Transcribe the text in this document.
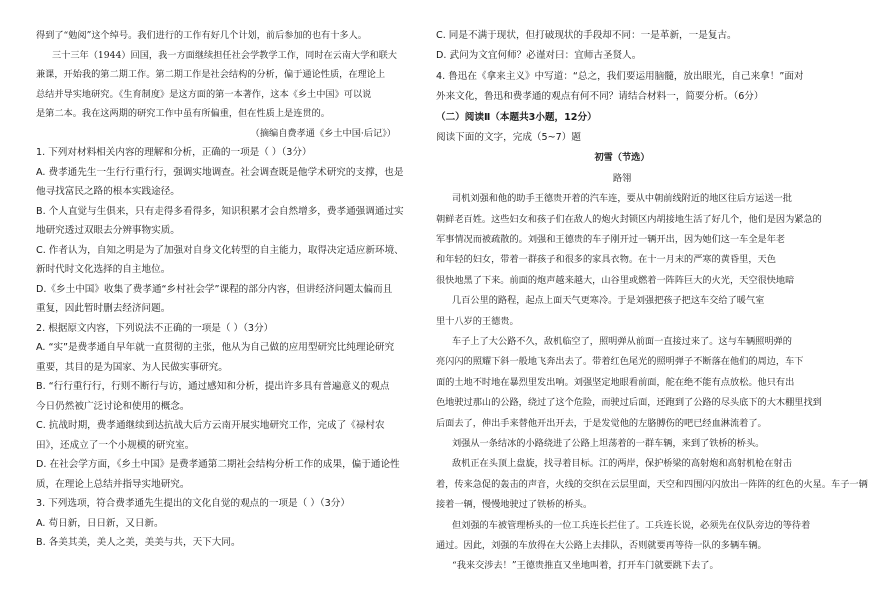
得到了“勉阅”这个绰号。我们进行的工作有好几个计划，前后参加的也有十多人。
三十三年（1944）回国，我一方面继续担任社会学教学工作，同时在云南大学和联大
兼课，开始我的第二期工作。第二期工作是社会结构的分析，偏于通论性质，在理论上
总结并导实地研究。《生育制度》是这方面的第一本著作，这本《乡土中国》可以说
是第二本。我在这两期的研究工作中虽有所偏重，但在性质上是连贯的。
（摘编自费孝通《乡土中国·后记》）
1. 下列对材料相关内容的理解和分析，正确的一项是（ ）（3分）
A. 费孝通先生一生行行重行行，强调实地调查。社会调查既是他学术研究的支撑，也是
他寻找富民之路的根本实践途径。
B. 个人直觉与生俱来，只有走得多看得多，知识积累才会自然增多，费孝通强调通过实
地研究透过双眼去分辨事物实质。
C. 作者认为，自知之明是为了加强对自身文化转型的自主能力，取得决定适应新环境、
新时代时文化选择的自主地位。
D.《乡土中国》收集了费孝通“乡村社会学”课程的部分内容，但讲经济问题太偏而且
重复，因此暂时删去经济问题。
2. 根据原文内容，下列说法不正确的一项是（ ）（3分）
A. “实”是费孝通自早年就一直贯彻的主张，他从为自己做的应用型研究比纯理论研究
重要，其目的是为国家、为人民做实事研究。
B. “行行重行行，行则不断行与访，通过感知和分析，提出许多具有普遍意义的观点
今日仍然被广泛讨论和使用的概念。
C. 抗战时期，费孝通继续到达抗战大后方云南开展实地研究工作，完成了《禄村农
田》，还成立了一个小规模的研究室。
D. 在社会学方面，《乡土中国》是费孝通第二期社会结构分析工作的成果，偏于通论性
质，在理论上总结并指导实地研究。
3. 下列选项，符合费孝通先生提出的文化自觉的观点的一项是（ ）（3分）
A. 苟日新，日日新，又日新。
B. 各美其美，美人之美，美美与共，天下大同。
C. 同是不满于现状，但打破现状的手段却不同：一是革新，一是复古。
D. 武问为文宜何师？必谨对曰：宜师古圣贤人。
4. 鲁迅在《拿来主义》中写道：“总之，我们要运用脑髓，放出眼光，自己来拿！”面对
外来文化，鲁迅和费孝通的观点有何不同？请结合材料一，简要分析。（6分）
（二）阅读Ⅱ（本题共3小题，12分）
阅读下面的文字，完成（5~7）题
初雪（节选）
路翎
司机刘强和他的助手王德贵开着的汽车连，要从中朝前线附近的地区往后方运送一批
朝鲜老百姓。这些妇女和孩子们在敌人的炮火封锁区内胡接地生活了好几个，他们是因为紧急的
军事情况而被疏散的。刘强和王德贵的车子刚开过一辆开出，因为她们这一车全是年老
和年轻的妇女，带着一群孩子和很多的家具衣物。在十一月末的严寒的黄昏里，天色
很快地黑了下来。前面的炮声越来越大，山谷里或燃着一阵阵巨大的火光，天空很快地暗
几百公里的路程，起点上面天气更寒冷。于是刘强把孩子把这车交给了暖气室
里十八岁的王德贵。
车子上了大公路不久，敌机临空了，照明弹从前面一直接过来了。这与车辆照明弹的
亮闪闪的照耀下斜一般地飞奔出去了。带着红色尾光的照明弹子不断落在他们的周边，车下
面的土地不时地在暴烈里发出响。刘强坚定地眼看前面，舵在绝不能有点放松。他只有出
色地驶过那山的公路，绕过了这个危险，而驶过后面，还跑到了公路的尽头底下的大木棚里找到
后面去了，伸出手来替他开出开去，于是发觉他的左胳膊伤的吧已经血淋流着了。
刘强从一条结冰的小路绕进了公路上坦荡着的一群车辆，来到了铁桥的桥头。
敌机正在头顶上盘旋，找寻着目标。江的两岸，保护桥梁的高射炮和高射机枪在射击
着，传来急促的轰击的声音，火线的交织在云层里面，天空和四围闪闪放出一阵阵的红色的火星。车子一辆
接着一辆，慢慢地驶过了铁桥的桥头。
但刘强的车被管理桥头的一位工兵连长拦住了。工兵连长说，必须先在仪队旁边的等待着
通过。因此，刘强的车放得在大公路上去排队，否则就要再等待一队的多辆车辆。
“我来交涉去！”王德贵推直又坐地叫着，打开车门就要跳下去了。
